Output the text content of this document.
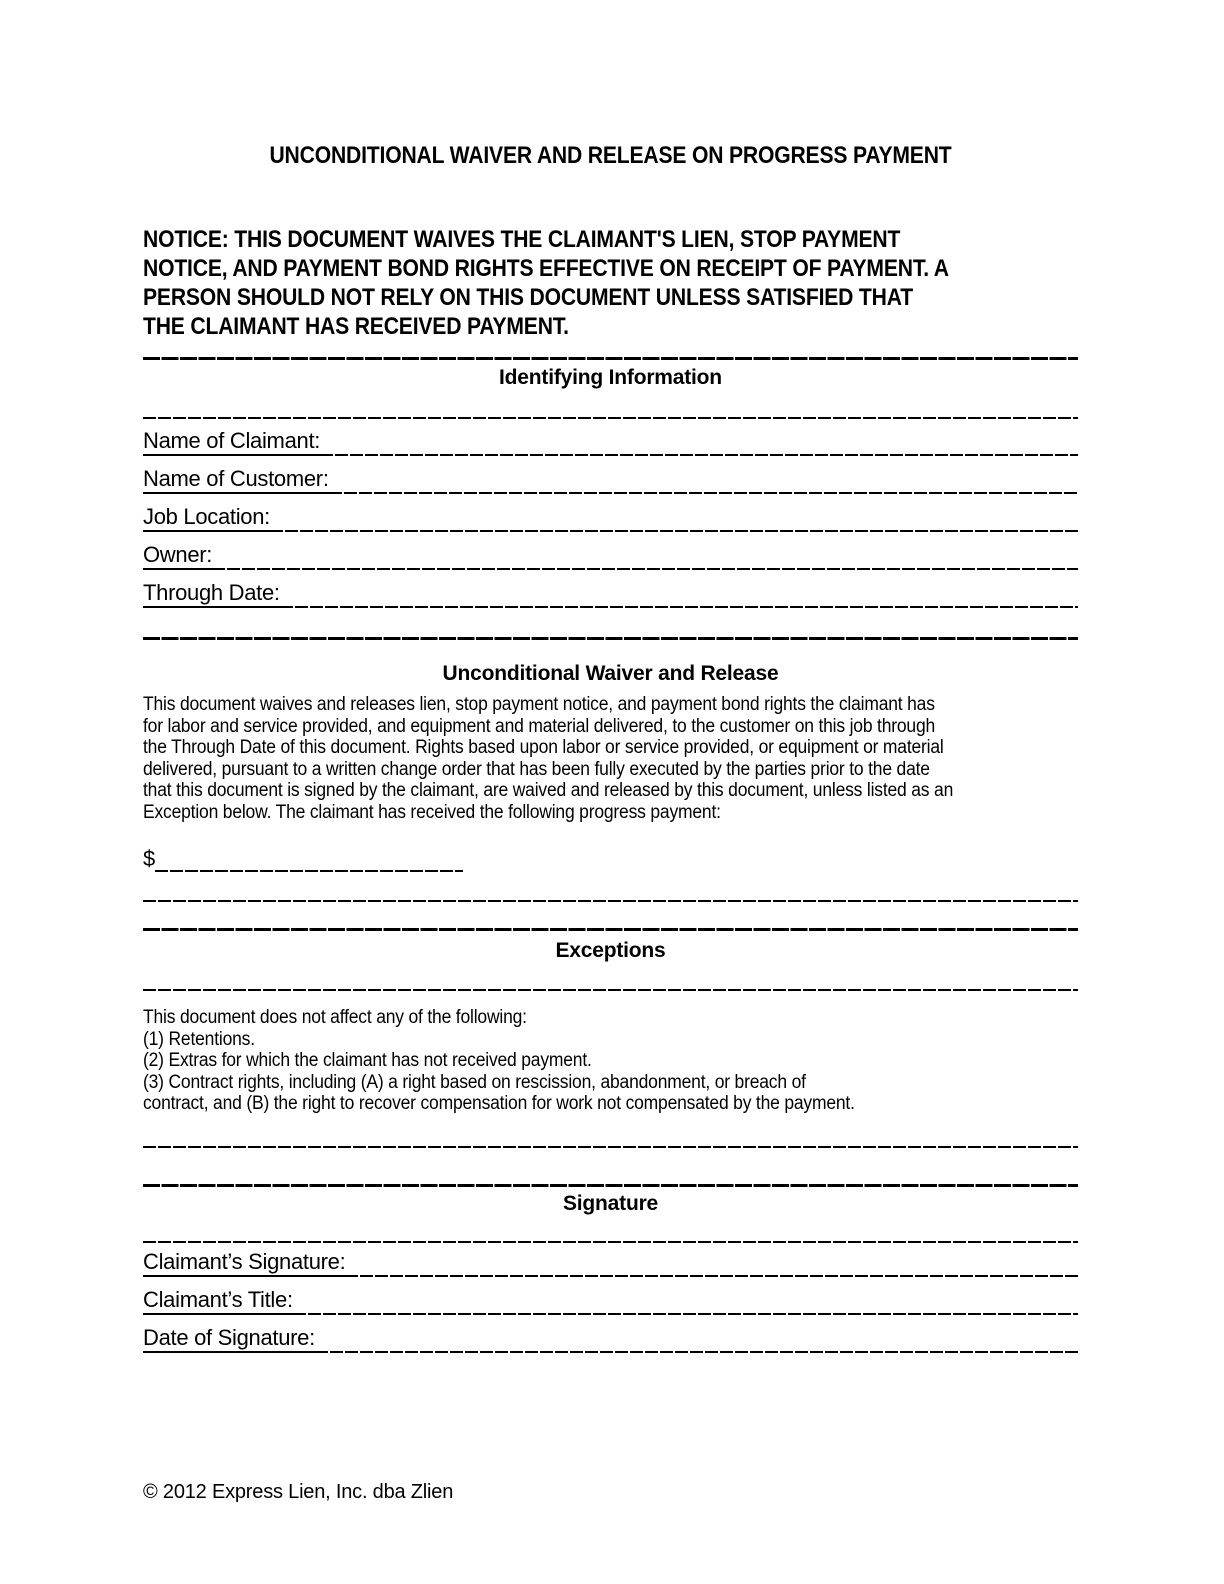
UNCONDITIONAL WAIVER AND RELEASE ON PROGRESS PAYMENT
NOTICE: THIS DOCUMENT WAIVES THE CLAIMANT'S LIEN, STOP PAYMENT
NOTICE, AND PAYMENT BOND RIGHTS EFFECTIVE ON RECEIPT OF PAYMENT. A
PERSON SHOULD NOT RELY ON THIS DOCUMENT UNLESS SATISFIED THAT
THE CLAIMANT HAS RECEIVED PAYMENT.
Identifying Information
Name of Claimant:
Name of Customer:
Job Location:
Owner:
Through Date:
Unconditional Waiver and Release
This document waives and releases lien, stop payment notice, and payment bond rights the claimant has
for labor and service provided, and equipment and material delivered, to the customer on this job through
the Through Date of this document. Rights based upon labor or service provided, or equipment or material
delivered, pursuant to a written change order that has been fully executed by the parties prior to the date
that this document is signed by the claimant, are waived and released by this document, unless listed as an
Exception below. The claimant has received the following progress payment:
$
Exceptions
This document does not affect any of the following:
(1) Retentions.
(2) Extras for which the claimant has not received payment.
(3) Contract rights, including (A) a right based on rescission, abandonment, or breach of
contract, and (B) the right to recover compensation for work not compensated by the payment.
Signature
Claimant’s Signature:
Claimant’s Title:
Date of Signature:
© 2012 Express Lien, Inc. dba Zlien
